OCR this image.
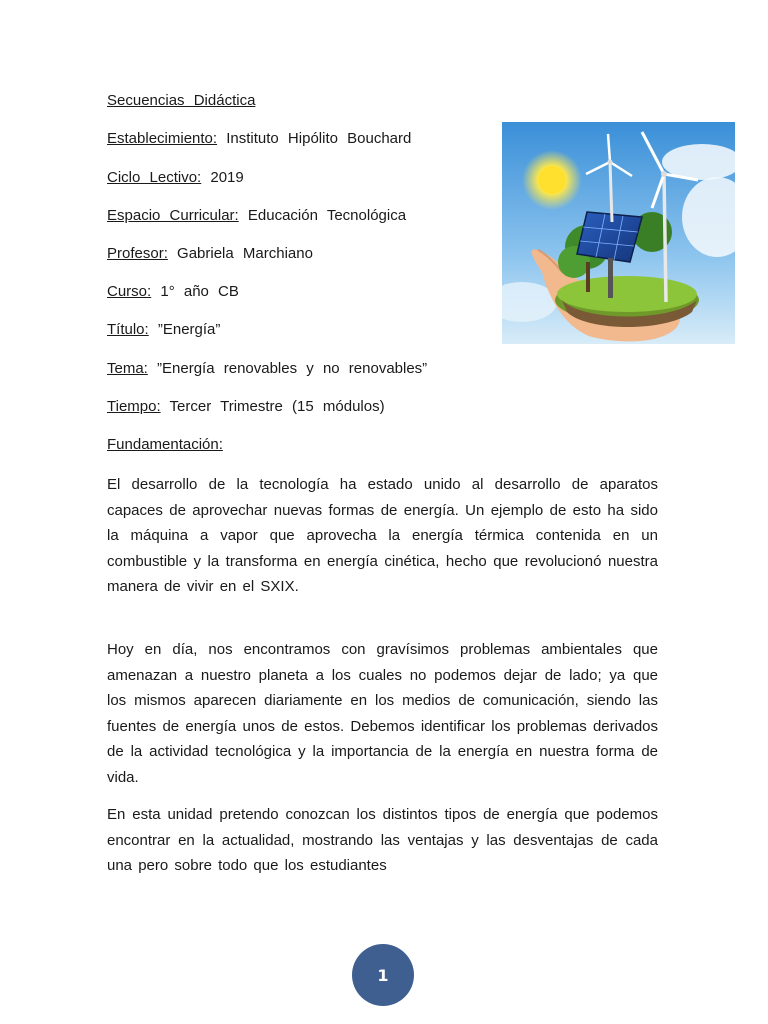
Secuencias Didáctica
Establecimiento: Instituto Hipólito Bouchard
Ciclo Lectivo: 2019
Espacio Curricular: Educación Tecnológica
Profesor: Gabriela Marchiano
Curso: 1° año CB
Título: ”Energía”
Tema: ”Energía renovables y no renovables”
Tiempo: Tercer Trimestre (15 módulos)
Fundamentación:

El desarrollo de la tecnología ha estado unido al desarrollo de aparatos capaces de aprovechar nuevas formas de energía. Un ejemplo de esto ha sido la máquina a vapor que aprovecha la energía térmica contenida en un combustible y la transforma en energía cinética, hecho que revolucionó nuestra manera de vivir en el SXIX.

Hoy en día, nos encontramos con gravísimos problemas ambientales que amenazan a nuestro planeta a los cuales no podemos dejar de lado; ya que los mismos aparecen diariamente en los medios de comunicación, siendo las fuentes de energía unos de estos. Debemos identificar los problemas derivados de la actividad tecnológica y la importancia de la energía en nuestra forma de vida.

En esta unidad pretendo conozcan los distintos tipos de energía que podemos encontrar en la actualidad, mostrando las ventajas y las desventajas de cada una pero sobre todo que los estudiantes

1
